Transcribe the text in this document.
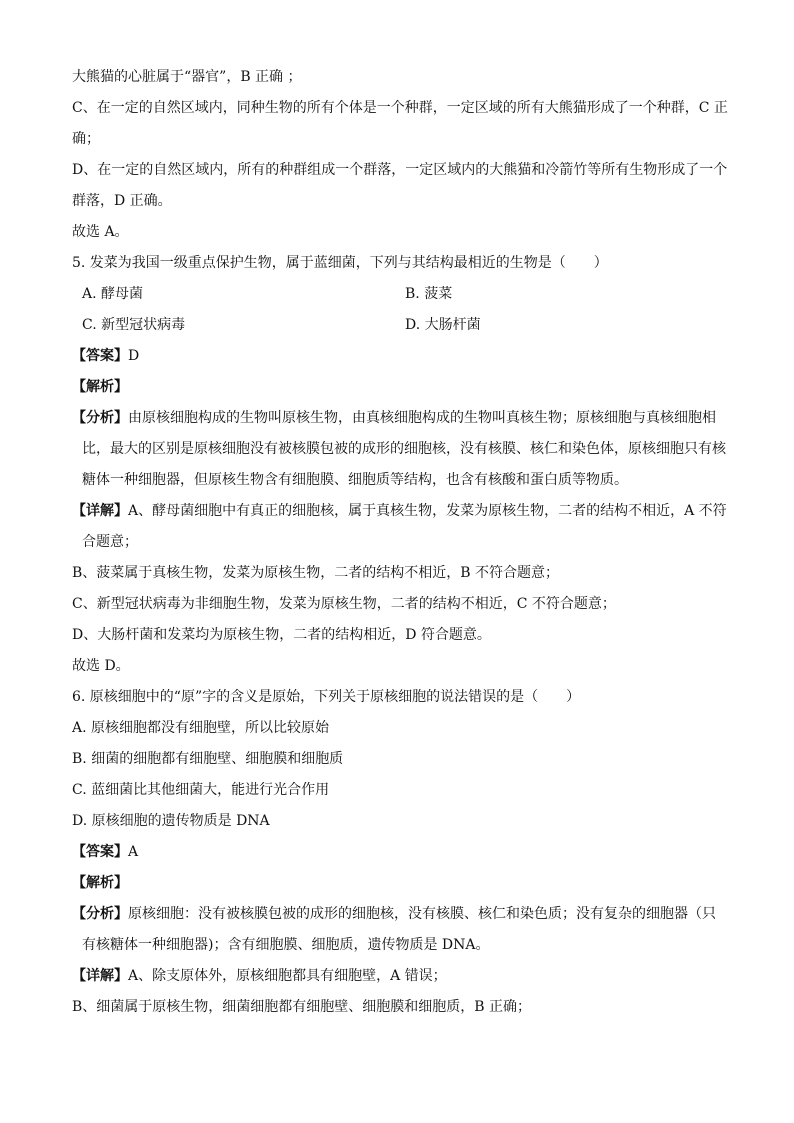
大熊猫的心脏属于“器官”，B 正确 ；
C、在一定的自然区域内，同种生物的所有个体是一个种群，一定区域的所有大熊猫形成了一个种群，C 正
确；
D、在一定的自然区域内，所有的种群组成一个群落，一定区域内的大熊猫和冷箭竹等所有生物形成了一个
群落，D 正确。
故选 A。
5. 发菜为我国一级重点保护生物，属于蓝细菌，下列与其结构最相近的生物是（　　）
A. 酵母菌	B. 菠菜
C. 新型冠状病毒	D. 大肠杆菌
【答案】D
【解析】
【分析】由原核细胞构成的生物叫原核生物，由真核细胞构成的生物叫真核生物；原核细胞与真核细胞相
比，最大的区别是原核细胞没有被核膜包被的成形的细胞核，没有核膜、核仁和染色体，原核细胞只有核
糖体一种细胞器，但原核生物含有细胞膜、细胞质等结构，也含有核酸和蛋白质等物质。
【详解】A、酵母菌细胞中有真正的细胞核，属于真核生物，发菜为原核生物，二者的结构不相近，A 不符
合题意；
B、菠菜属于真核生物，发菜为原核生物，二者的结构不相近，B 不符合题意；
C、新型冠状病毒为非细胞生物，发菜为原核生物，二者的结构不相近，C 不符合题意；
D、大肠杆菌和发菜均为原核生物，二者的结构相近，D 符合题意。
故选 D。
6. 原核细胞中的“原”字的含义是原始，下列关于原核细胞的说法错误的是（　　）
A. 原核细胞都没有细胞壁，所以比较原始
B. 细菌的细胞都有细胞壁、细胞膜和细胞质
C. 蓝细菌比其他细菌大，能进行光合作用
D. 原核细胞的遗传物质是 DNA
【答案】A
【解析】
【分析】原核细胞：没有被核膜包被的成形的细胞核，没有核膜、核仁和染色质；没有复杂的细胞器（只
有核糖体一种细胞器)；含有细胞膜、细胞质，遗传物质是 DNA。
【详解】A、除支原体外，原核细胞都具有细胞壁，A 错误；
B、细菌属于原核生物，细菌细胞都有细胞壁、细胞膜和细胞质，B 正确；
